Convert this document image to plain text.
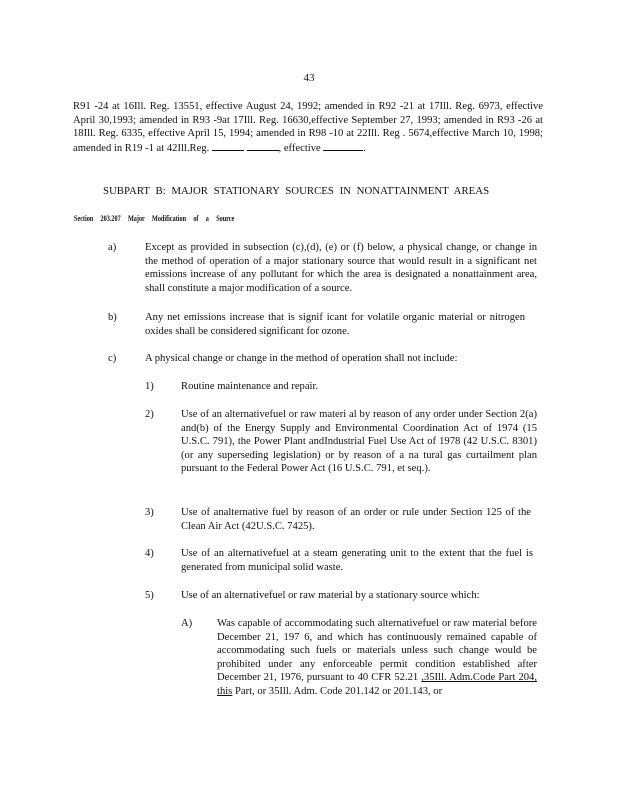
43
R91 -24 at 16Ill. Reg. 13551, effective August 24, 1992; amended in R92 -21 at 17Ill. Reg. 6973, effective April 30,1993; amended in R93 -9at 17Ill. Reg. 16630,effective September 27, 1993; amended in R93 -26 at 18Ill. Reg. 6335, effective April 15, 1994; amended in R98 -10 at 22Ill. Reg . 5674,effective March 10, 1998; amended in R19 -1 at 42Ill.Reg.	, effective	.
SUBPART B: MAJOR STATIONARY SOURCES IN NONATTAINMENT AREAS
Section 203.207 Major Modification of a Source
a)	Except as provided in subsection (c),(d), (e) or (f) below, a physical change, or change in the method of operation of a major stationary source that would result in a significant net emissions increase of any pollutant for which the area is designated a nonattainment area, shall constitute a major modification of a source.
b)	Any net emissions increase that is signif icant for volatile organic material or nitrogen oxides shall be considered significant for ozone.
c)	A physical change or change in the method of operation shall not include:
1)	Routine maintenance and repair.
2)	Use of an alternativefuel or raw materi al by reason of any order under Section 2(a) and(b) of the Energy Supply and Environmental Coordination Act of 1974 (15 U.S.C. 791), the Power Plant andIndustrial Fuel Use Act of 1978 (42 U.S.C. 8301) (or any superseding legislation) or by reason of a na tural gas curtailment plan pursuant to the Federal Power Act (16 U.S.C. 791, et seq.).
3)	Use of analternative fuel by reason of an order or rule under Section 125 of the Clean Air Act (42U.S.C. 7425).
4)	Use of an alternativefuel at a steam generating unit to the extent that the fuel is generated from municipal solid waste.
5)	Use of an alternativefuel or raw material by a stationary source which:
A) Was capable of accommodating such alternativefuel or raw material before December 21, 197 6, and which has continuously remained capable of accommodating such fuels or materials unless such change would be prohibited under any enforceable permit condition established after December 21, 1976, pursuant to 40 CFR 52.21 ,35Ill. Adm.Code Part 204, this Part, or 35Ill. Adm. Code 201.142 or 201.143, or
